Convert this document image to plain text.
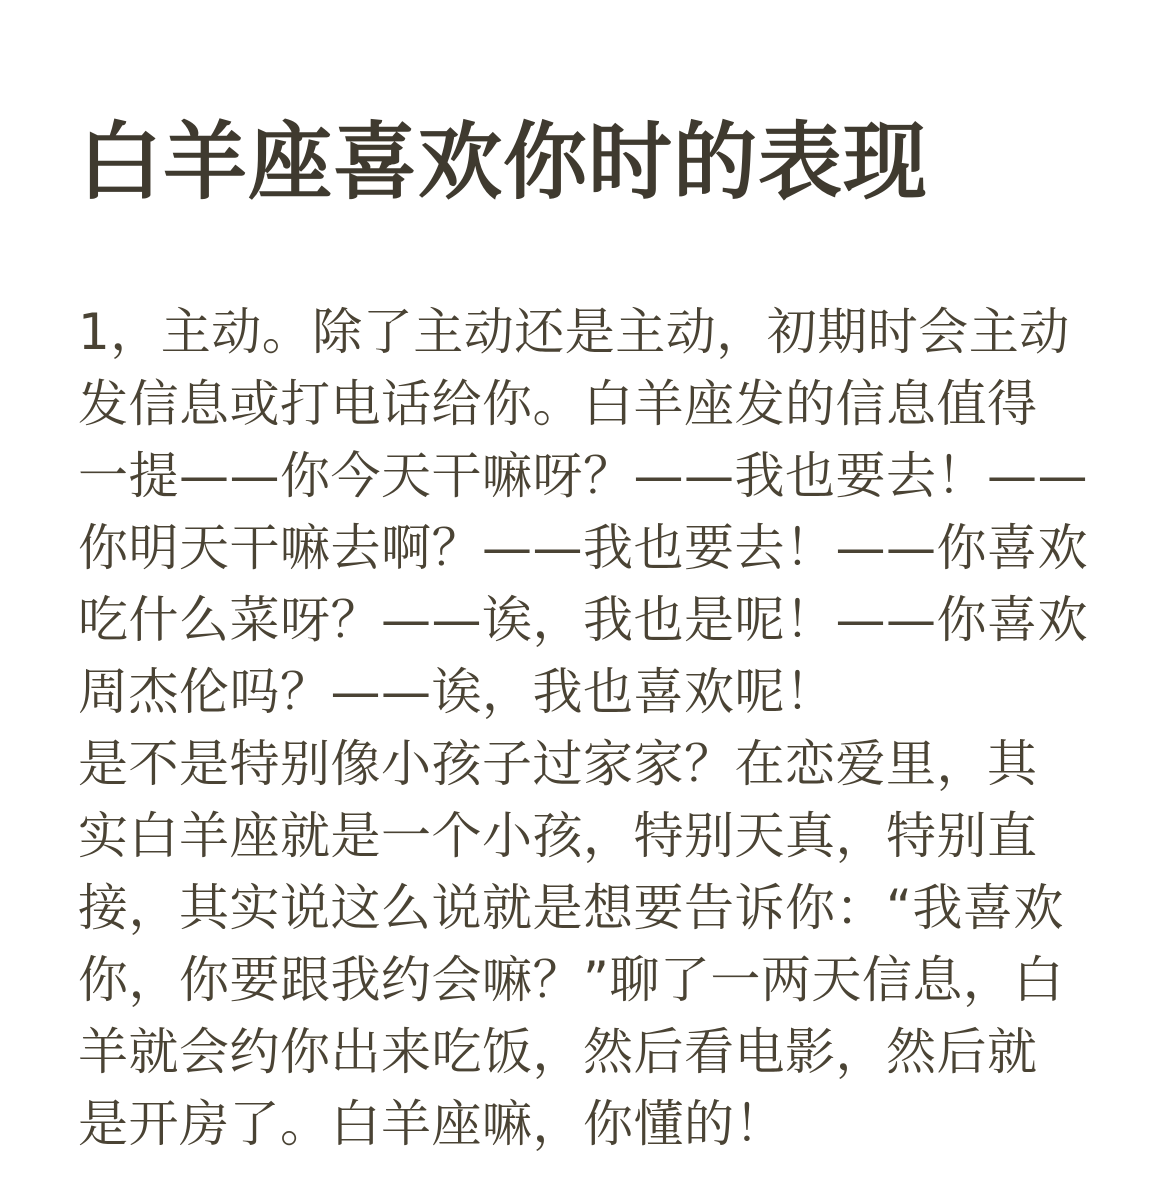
白羊座喜欢你时的表现
1，主动。除了主动还是主动，初期时会主动
发信息或打电话给你。白羊座发的信息值得
一提——你今天干嘛呀？——我也要去！——
你明天干嘛去啊？——我也要去！——你喜欢
吃什么菜呀？——诶，我也是呢！——你喜欢
周杰伦吗？——诶，我也喜欢呢！
是不是特别像小孩子过家家？在恋爱里，其
实白羊座就是一个小孩，特别天真，特别直
接，其实说这么说就是想要告诉你：“我喜欢
你，你要跟我约会嘛？”聊了一两天信息，白
羊就会约你出来吃饭，然后看电影，然后就
是开房了。白羊座嘛，你懂的！
